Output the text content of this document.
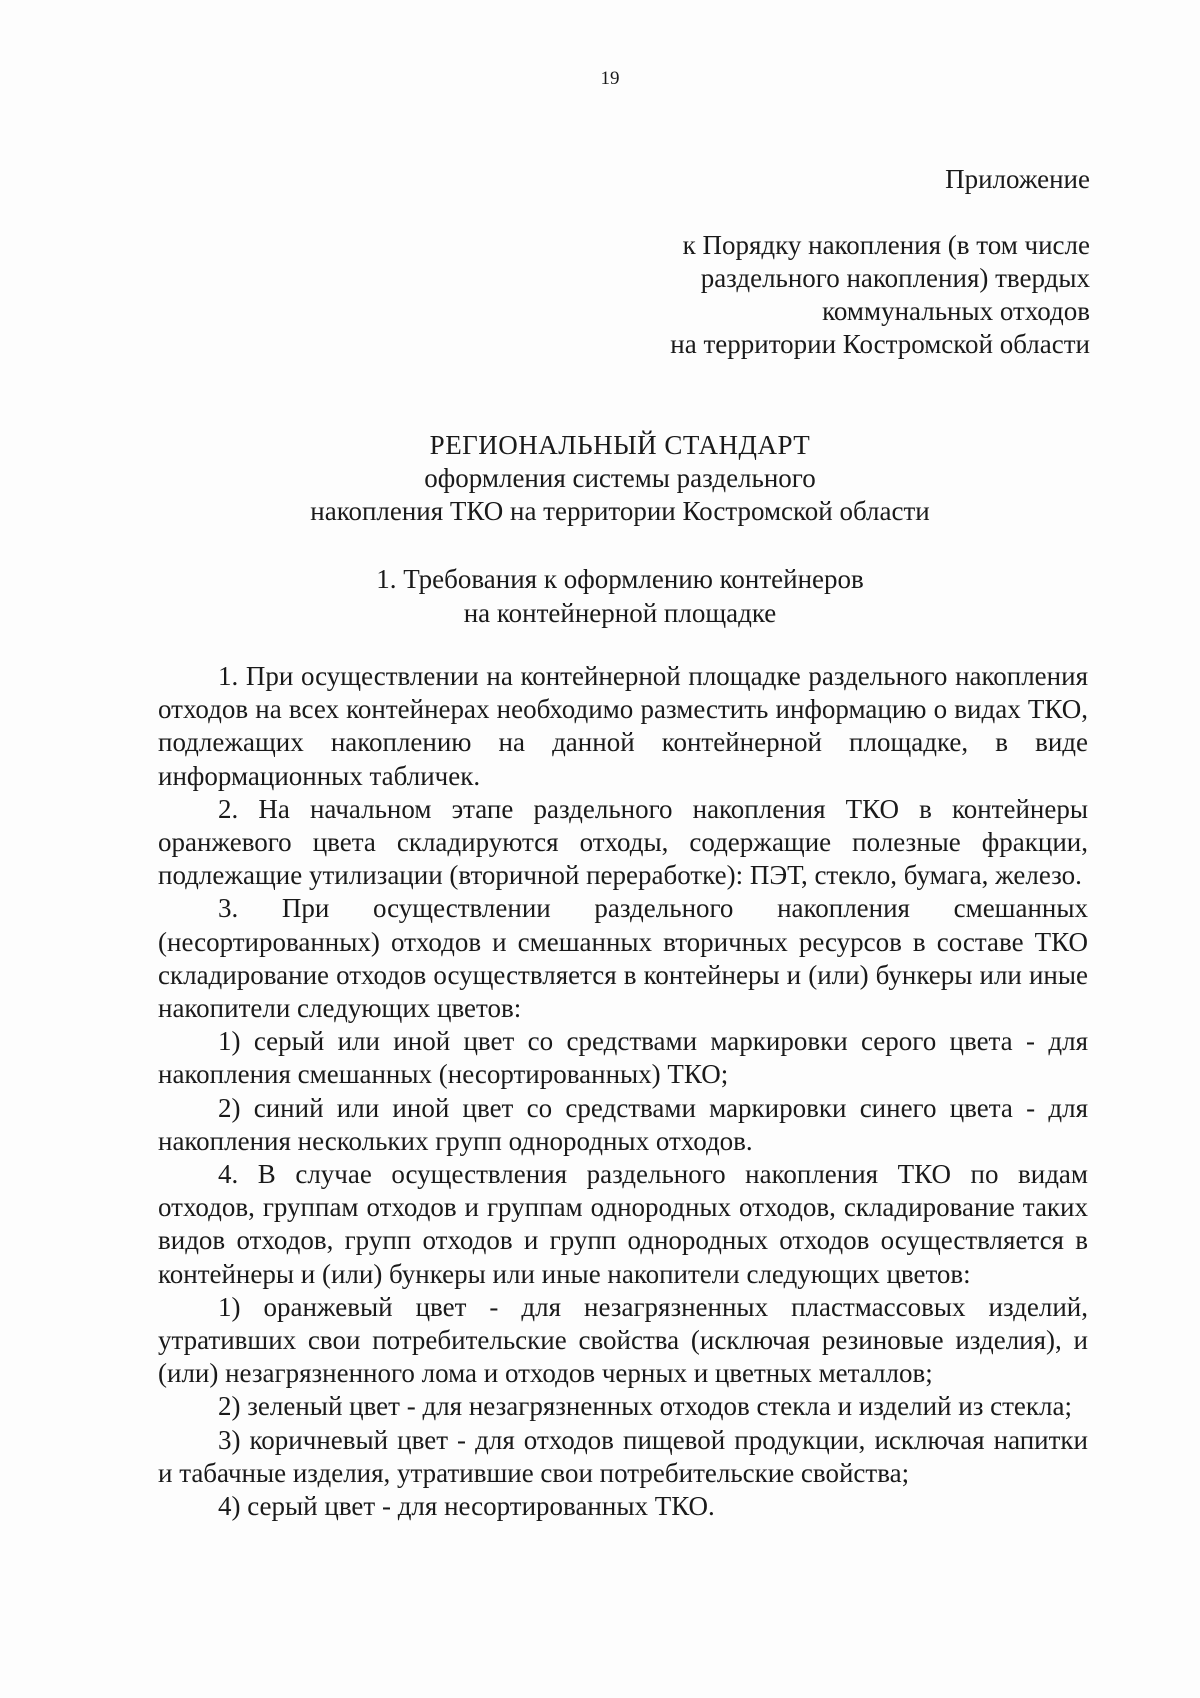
19
Приложение
к Порядку накопления (в том числе
раздельного накопления) твердых
коммунальных отходов
на территории Костромской области
РЕГИОНАЛЬНЫЙ СТАНДАРТ
оформления системы раздельного
накопления ТКО на территории Костромской области
1. Требования к оформлению контейнеров
на контейнерной площадке

1. При осуществлении на контейнерной площадке раздельного накопления отходов на всех контейнерах необходимо разместить информацию о видах ТКО, подлежащих накоплению на данной контейнерной площадке, в виде информационных табличек.

2. На начальном этапе раздельного накопления ТКО в контейнеры оранжевого цвета складируются отходы, содержащие полезные фракции, подлежащие утилизации (вторичной переработке): ПЭТ, стекло, бумага, железо.

3. При осуществлении раздельного накопления смешанных (несортированных) отходов и смешанных вторичных ресурсов в составе ТКО складирование отходов осуществляется в контейнеры и (или) бункеры или иные накопители следующих цветов:

1) серый или иной цвет со средствами маркировки серого цвета - для накопления смешанных (несортированных) ТКО;

2) синий или иной цвет со средствами маркировки синего цвета - для накопления нескольких групп однородных отходов.

4. В случае осуществления раздельного накопления ТКО по видам отходов, группам отходов и группам однородных отходов, складирование таких видов отходов, групп отходов и групп однородных отходов осуществляется в контейнеры и (или) бункеры или иные накопители следующих цветов:

1) оранжевый цвет - для незагрязненных пластмассовых изделий, утративших свои потребительские свойства (исключая резиновые изделия), и (или) незагрязненного лома и отходов черных и цветных металлов;

2) зеленый цвет - для незагрязненных отходов стекла и изделий из стекла;

3) коричневый цвет - для отходов пищевой продукции, исключая напитки и табачные изделия, утратившие свои потребительские свойства;

4) серый цвет - для несортированных ТКО.
